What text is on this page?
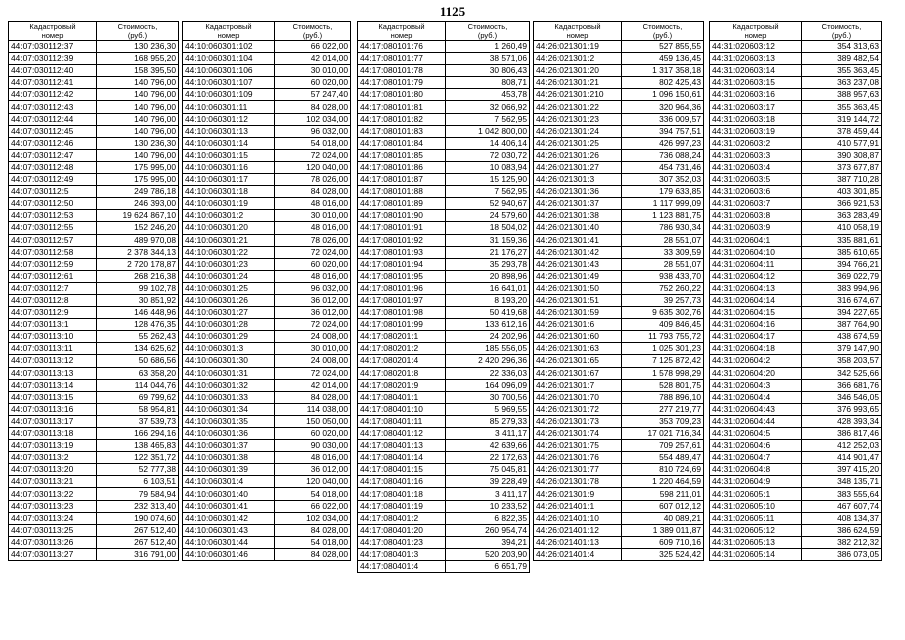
1125
Кадастровый
номер	Стоимость,
(руб.)

44:07:030112:37	130 236,30
44:07:030112:39	168 955,20
44:07:030112:40	158 395,50
44:07:030112:41	140 796,00
44:07:030112:42	140 796,00
44:07:030112:43	140 796,00
44:07:030112:44	140 796,00
44:07:030112:45	140 796,00
44:07:030112:46	130 236,30
44:07:030112:47	140 796,00
44:07:030112:48	175 995,00
44:07:030112:49	175 995,00
44:07:030112:5	249 786,18
44:07:030112:50	246 393,00
44:07:030112:53	19 624 867,10
44:07:030112:55	152 246,20
44:07:030112:57	489 970,08
44:07:030112:58	2 378 344,13
44:07:030112:59	2 720 178,87
44:07:030112:61	268 216,38
44:07:030112:7	99 102,78
44:07:030112:8	30 851,92
44:07:030112:9	146 448,96
44:07:030113:1	128 476,35
44:07:030113:10	55 262,43
44:07:030113:11	134 625,62
44:07:030113:12	50 686,56
44:07:030113:13	63 358,20
44:07:030113:14	114 044,76
44:07:030113:15	69 799,62
44:07:030113:16	58 954,81
44:07:030113:17	37 539,73
44:07:030113:18	166 294,16
44:07:030113:19	138 465,83
44:07:030113:2	122 351,72
44:07:030113:20	52 777,38
44:07:030113:21	6 103,51
44:07:030113:22	79 584,94
44:07:030113:23	232 313,40
44:07:030113:24	190 074,60
44:07:030113:25	267 512,40
44:07:030113:26	267 512,40
44:07:030113:27	316 791,00
Кадастровый
номер	Стоимость,
(руб.)

44:10:060301:102	66 022,00
44:10:060301:104	42 014,00
44:10:060301:106	30 010,00
44:10:060301:107	60 020,00
44:10:060301:109	57 247,40
44:10:060301:11	84 028,00
44:10:060301:12	102 034,00
44:10:060301:13	96 032,00
44:10:060301:14	54 018,00
44:10:060301:15	72 024,00
44:10:060301:16	120 040,00
44:10:060301:17	78 026,00
44:10:060301:18	84 028,00
44:10:060301:19	48 016,00
44:10:060301:2	30 010,00
44:10:060301:20	48 016,00
44:10:060301:21	78 026,00
44:10:060301:22	72 024,00
44:10:060301:23	60 020,00
44:10:060301:24	48 016,00
44:10:060301:25	96 032,00
44:10:060301:26	36 012,00
44:10:060301:27	36 012,00
44:10:060301:28	72 024,00
44:10:060301:29	24 008,00
44:10:060301:3	30 010,00
44:10:060301:30	24 008,00
44:10:060301:31	72 024,00
44:10:060301:32	42 014,00
44:10:060301:33	84 028,00
44:10:060301:34	114 038,00
44:10:060301:35	150 050,00
44:10:060301:36	60 020,00
44:10:060301:37	90 030,00
44:10:060301:38	48 016,00
44:10:060301:39	36 012,00
44:10:060301:4	120 040,00
44:10:060301:40	54 018,00
44:10:060301:41	66 022,00
44:10:060301:42	102 034,00
44:10:060301:43	84 028,00
44:10:060301:44	54 018,00
44:10:060301:46	84 028,00
Кадастровый
номер	Стоимость,
(руб.)

44:17:080101:76	1 260,49
44:17:080101:77	38 571,06
44:17:080101:78	30 806,43
44:17:080101:79	808,71
44:17:080101:80	453,78
44:17:080101:81	32 066,92
44:17:080101:82	7 562,95
44:17:080101:83	1 042 800,00
44:17:080101:84	14 406,14
44:17:080101:85	72 030,72
44:17:080101:86	10 083,94
44:17:080101:87	15 125,90
44:17:080101:88	7 562,95
44:17:080101:89	52 940,67
44:17:080101:90	24 579,60
44:17:080101:91	18 504,02
44:17:080101:92	31 159,36
44:17:080101:93	21 176,27
44:17:080101:94	35 293,78
44:17:080101:95	20 898,96
44:17:080101:96	16 641,01
44:17:080101:97	8 193,20
44:17:080101:98	50 419,68
44:17:080101:99	133 612,16
44:17:080201:1	24 202,96
44:17:080201:2	185 556,05
44:17:080201:4	2 420 296,36
44:17:080201:8	22 336,03
44:17:080201:9	164 096,09
44:17:080401:1	30 700,56
44:17:080401:10	5 969,55
44:17:080401:11	85 279,33
44:17:080401:12	3 411,17
44:17:080401:13	42 639,66
44:17:080401:14	22 172,63
44:17:080401:15	75 045,81
44:17:080401:16	39 228,49
44:17:080401:18	3 411,17
44:17:080401:19	10 233,52
44:17:080401:2	6 822,35
44:17:080401:20	260 954,74
44:17:080401:23	394,21
44:17:080401:3	520 203,90
44:17:080401:4	6 651,79
Кадастровый
номер	Стоимость,
(руб.)

44:26:021301:19	527 855,55
44:26:021301:2	459 136,45
44:26:021301:20	1 317 358,18
44:26:021301:21	802 425,43
44:26:021301:210	1 096 150,61
44:26:021301:22	320 964,36
44:26:021301:23	336 009,57
44:26:021301:24	394 757,51
44:26:021301:25	426 997,23
44:26:021301:26	736 088,24
44:26:021301:27	454 731,46
44:26:021301:3	307 352,03
44:26:021301:36	179 633,85
44:26:021301:37	1 117 999,09
44:26:021301:38	1 123 881,75
44:26:021301:40	786 930,34
44:26:021301:41	28 551,07
44:26:021301:42	33 309,59
44:26:021301:43	28 551,07
44:26:021301:49	938 433,70
44:26:021301:50	752 260,22
44:26:021301:51	39 257,73
44:26:021301:59	9 635 302,76
44:26:021301:6	409 846,45
44:26:021301:60	11 793 755,72
44:26:021301:63	1 025 301,23
44:26:021301:65	7 125 872,42
44:26:021301:67	1 578 998,29
44:26:021301:7	528 801,75
44:26:021301:70	788 896,10
44:26:021301:72	277 219,77
44:26:021301:73	353 709,23
44:26:021301:74	17 021 716,34
44:26:021301:75	709 257,61
44:26:021301:76	554 489,47
44:26:021301:77	810 724,69
44:26:021301:78	1 220 464,59
44:26:021301:9	598 211,01
44:26:021401:1	607 012,12
44:26:021401:10	40 089,21
44:26:021401:12	1 389 011,87
44:26:021401:13	609 710,16
44:26:021401:4	325 524,42
Кадастровый
номер	Стоимость,
(руб.)

44:31:020603:12	354 313,63
44:31:020603:13	389 482,54
44:31:020603:14	355 363,45
44:31:020603:15	363 237,08
44:31:020603:16	388 957,63
44:31:020603:17	355 363,45
44:31:020603:18	319 144,72
44:31:020603:19	378 459,44
44:31:020603:2	410 577,91
44:31:020603:3	390 308,87
44:31:020603:4	373 677,87
44:31:020603:5	387 710,28
44:31:020603:6	403 301,85
44:31:020603:7	366 921,53
44:31:020603:8	363 283,49
44:31:020603:9	410 058,19
44:31:020604:1	335 881,61
44:31:020604:10	385 610,65
44:31:020604:11	394 766,21
44:31:020604:12	369 022,79
44:31:020604:13	383 994,96
44:31:020604:14	316 674,67
44:31:020604:15	394 227,65
44:31:020604:16	387 764,90
44:31:020604:17	438 674,59
44:31:020604:18	379 147,90
44:31:020604:2	358 203,57
44:31:020604:20	342 525,66
44:31:020604:3	366 681,76
44:31:020604:4	346 546,05
44:31:020604:43	376 993,65
44:31:020604:44	428 393,34
44:31:020604:5	386 817,46
44:31:020604:6	412 252,03
44:31:020604:7	414 901,47
44:31:020604:8	397 415,20
44:31:020604:9	348 135,71
44:31:020605:1	383 555,64
44:31:020605:10	467 607,74
44:31:020605:11	408 134,37
44:31:020605:12	386 624,59
44:31:020605:13	382 212,32
44:31:020605:14	386 073,05
